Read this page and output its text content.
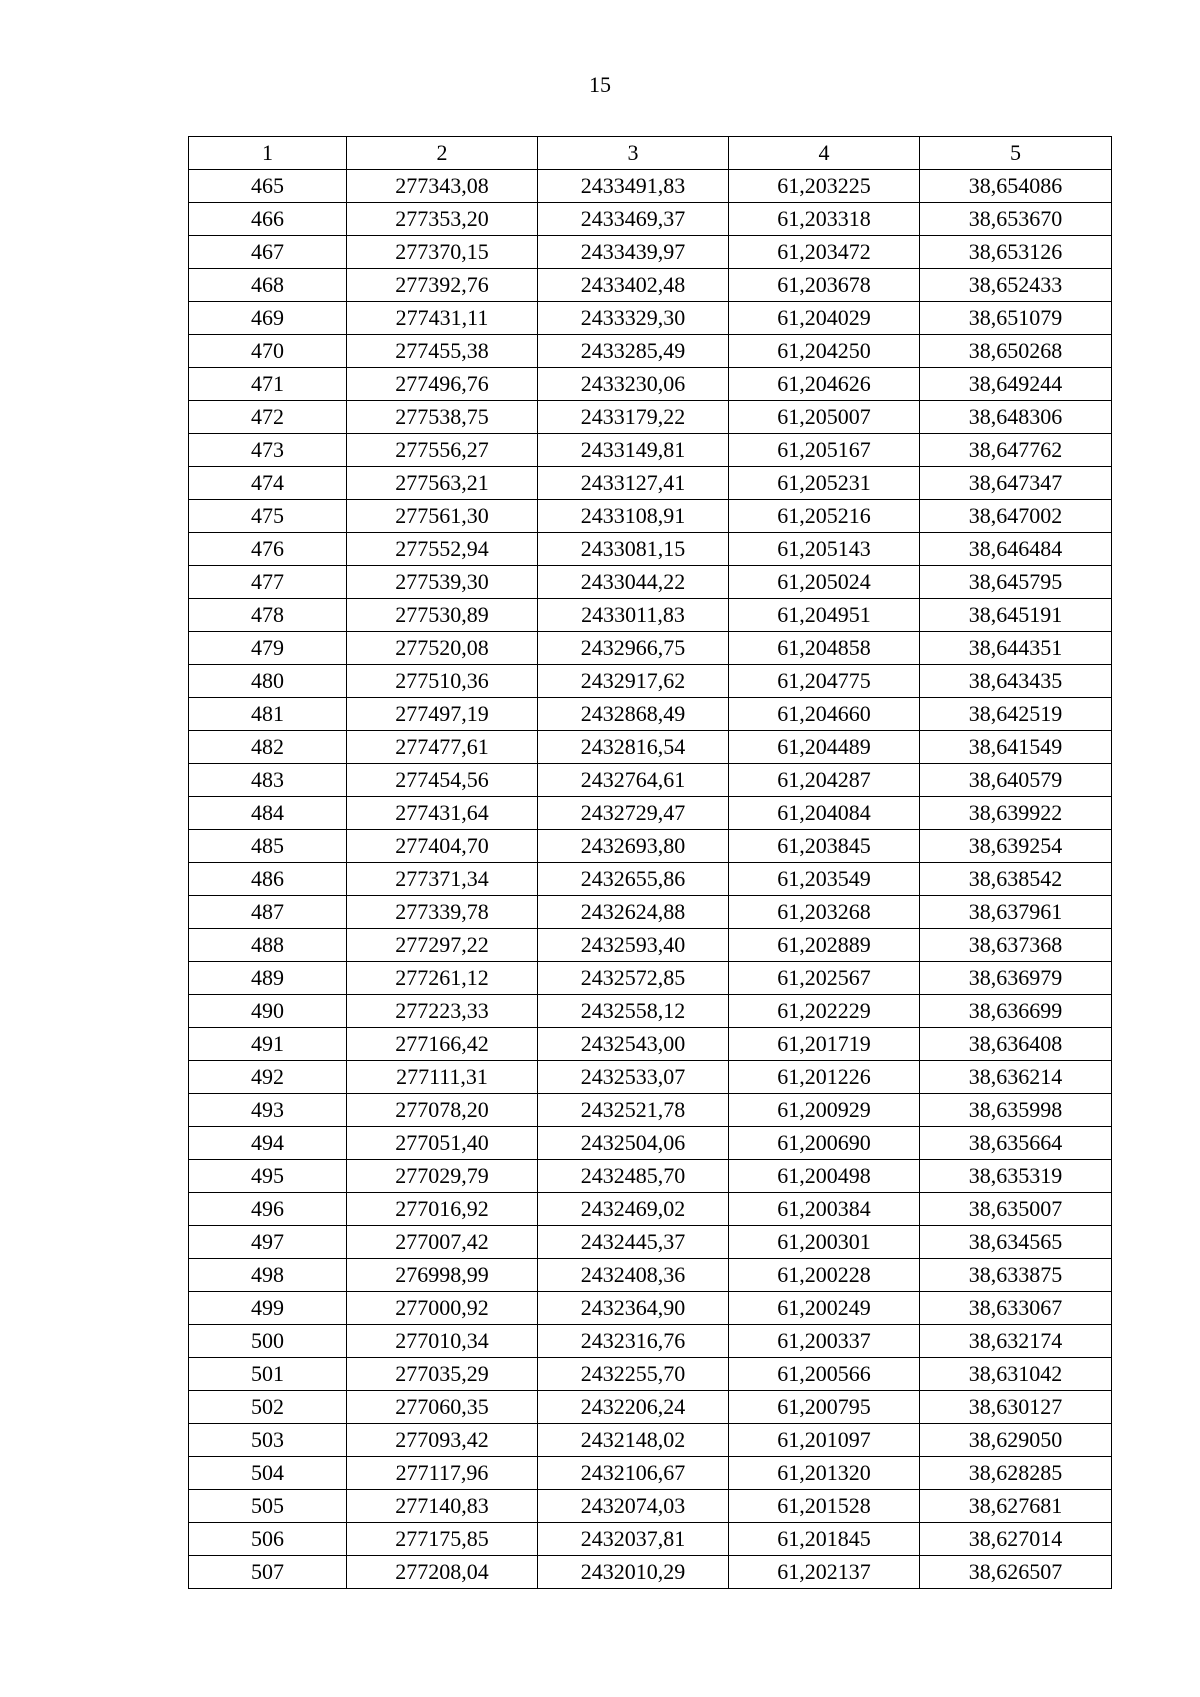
15
1	2	3	4	5
465	277343,08	2433491,83	61,203225	38,654086
466	277353,20	2433469,37	61,203318	38,653670
467	277370,15	2433439,97	61,203472	38,653126
468	277392,76	2433402,48	61,203678	38,652433
469	277431,11	2433329,30	61,204029	38,651079
470	277455,38	2433285,49	61,204250	38,650268
471	277496,76	2433230,06	61,204626	38,649244
472	277538,75	2433179,22	61,205007	38,648306
473	277556,27	2433149,81	61,205167	38,647762
474	277563,21	2433127,41	61,205231	38,647347
475	277561,30	2433108,91	61,205216	38,647002
476	277552,94	2433081,15	61,205143	38,646484
477	277539,30	2433044,22	61,205024	38,645795
478	277530,89	2433011,83	61,204951	38,645191
479	277520,08	2432966,75	61,204858	38,644351
480	277510,36	2432917,62	61,204775	38,643435
481	277497,19	2432868,49	61,204660	38,642519
482	277477,61	2432816,54	61,204489	38,641549
483	277454,56	2432764,61	61,204287	38,640579
484	277431,64	2432729,47	61,204084	38,639922
485	277404,70	2432693,80	61,203845	38,639254
486	277371,34	2432655,86	61,203549	38,638542
487	277339,78	2432624,88	61,203268	38,637961
488	277297,22	2432593,40	61,202889	38,637368
489	277261,12	2432572,85	61,202567	38,636979
490	277223,33	2432558,12	61,202229	38,636699
491	277166,42	2432543,00	61,201719	38,636408
492	277111,31	2432533,07	61,201226	38,636214
493	277078,20	2432521,78	61,200929	38,635998
494	277051,40	2432504,06	61,200690	38,635664
495	277029,79	2432485,70	61,200498	38,635319
496	277016,92	2432469,02	61,200384	38,635007
497	277007,42	2432445,37	61,200301	38,634565
498	276998,99	2432408,36	61,200228	38,633875
499	277000,92	2432364,90	61,200249	38,633067
500	277010,34	2432316,76	61,200337	38,632174
501	277035,29	2432255,70	61,200566	38,631042
502	277060,35	2432206,24	61,200795	38,630127
503	277093,42	2432148,02	61,201097	38,629050
504	277117,96	2432106,67	61,201320	38,628285
505	277140,83	2432074,03	61,201528	38,627681
506	277175,85	2432037,81	61,201845	38,627014
507	277208,04	2432010,29	61,202137	38,626507
